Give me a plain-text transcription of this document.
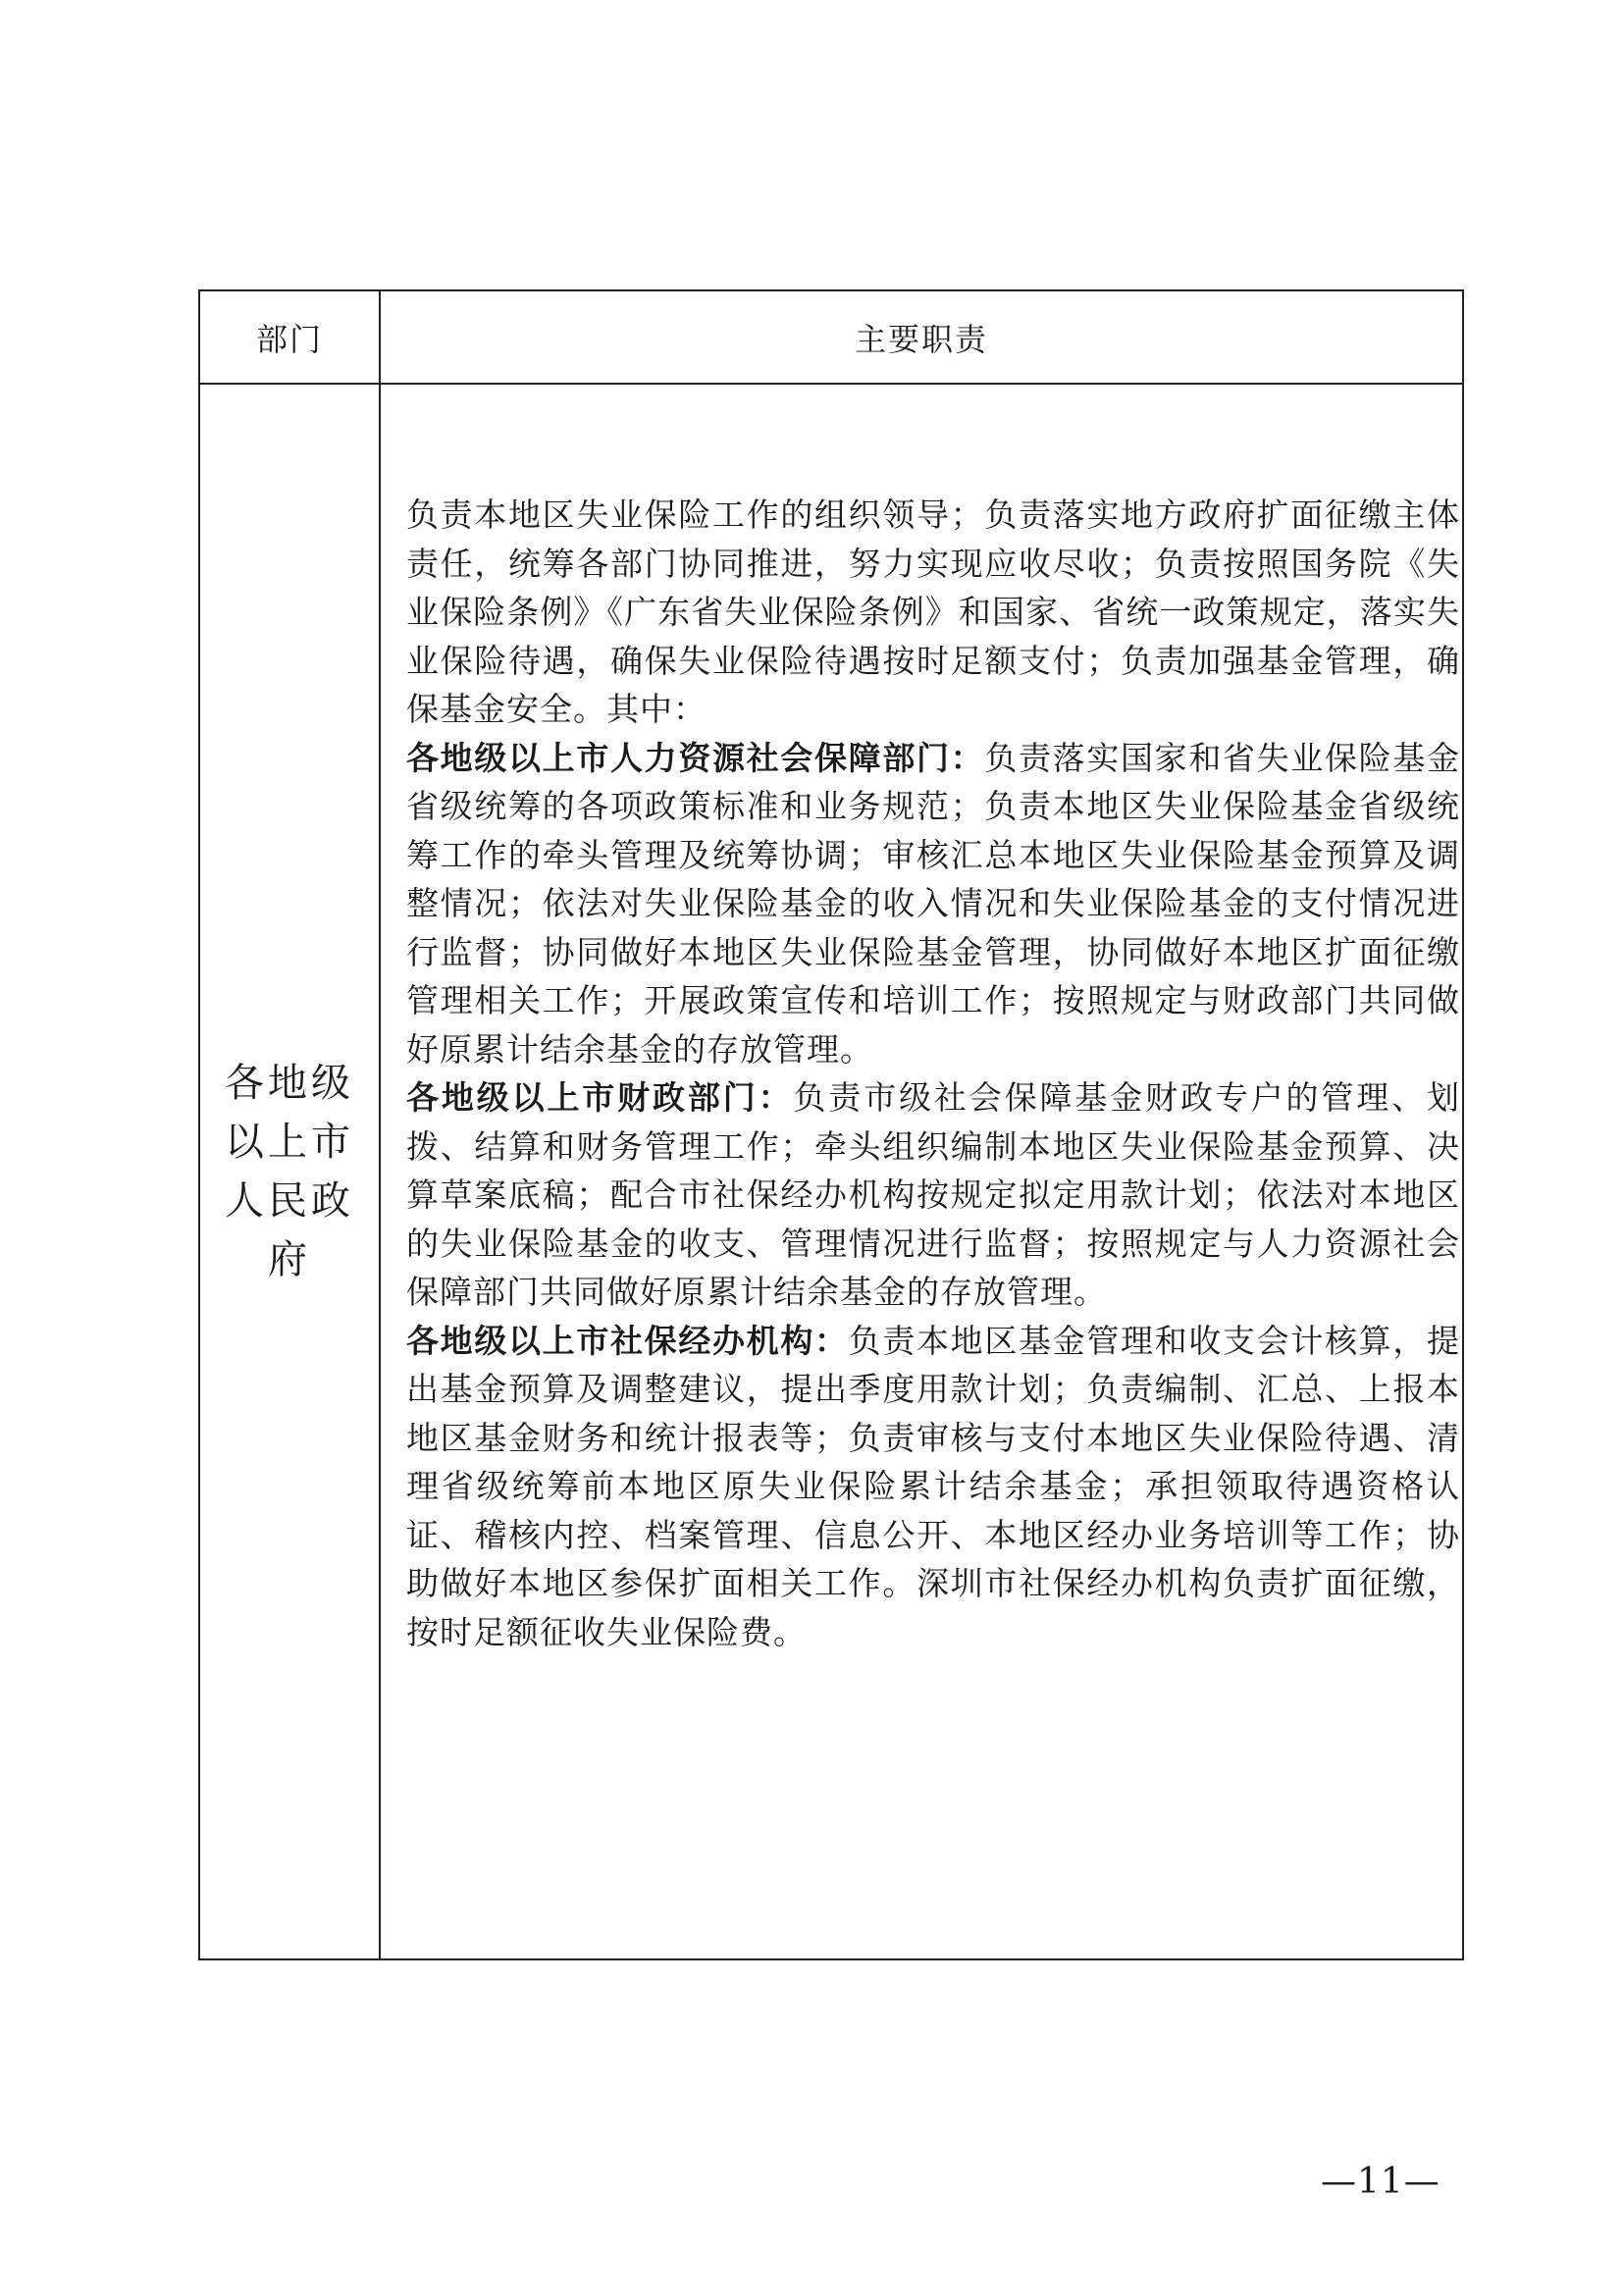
部门	主要职责
各地级以上市人民政府

负责本地区失业保险工作的组织领导；负责落实地方政府扩面征缴主体责任，统筹各部门协同推进，努力实现应收尽收；负责按照国务院《失业保险条例》《广东省失业保险条例》和国家、省统一政策规定，落实失业保险待遇，确保失业保险待遇按时足额支付；负责加强基金管理，确保基金安全。其中：

各地级以上市人力资源社会保障部门：负责落实国家和省失业保险基金省级统筹的各项政策标准和业务规范；负责本地区失业保险基金省级统筹工作的牵头管理及统筹协调；审核汇总本地区失业保险基金预算及调整情况；依法对失业保险基金的收入情况和失业保险基金的支付情况进行监督；协同做好本地区失业保险基金管理，协同做好本地区扩面征缴管理相关工作；开展政策宣传和培训工作；按照规定与财政部门共同做好原累计结余基金的存放管理。

各地级以上市财政部门：负责市级社会保障基金财政专户的管理、划拨、结算和财务管理工作；牵头组织编制本地区失业保险基金预算、决算草案底稿；配合市社保经办机构按规定拟定用款计划；依法对本地区的失业保险基金的收支、管理情况进行监督；按照规定与人力资源社会保障部门共同做好原累计结余基金的存放管理。

各地级以上市社保经办机构：负责本地区基金管理和收支会计核算，提出基金预算及调整建议，提出季度用款计划；负责编制、汇总、上报本地区基金财务和统计报表等；负责审核与支付本地区失业保险待遇、清理省级统筹前本地区原失业保险累计结余基金；承担领取待遇资格认证、稽核内控、档案管理、信息公开、本地区经办业务培训等工作；协助做好本地区参保扩面相关工作。深圳市社保经办机构负责扩面征缴，按时足额征收失业保险费。

—11—
